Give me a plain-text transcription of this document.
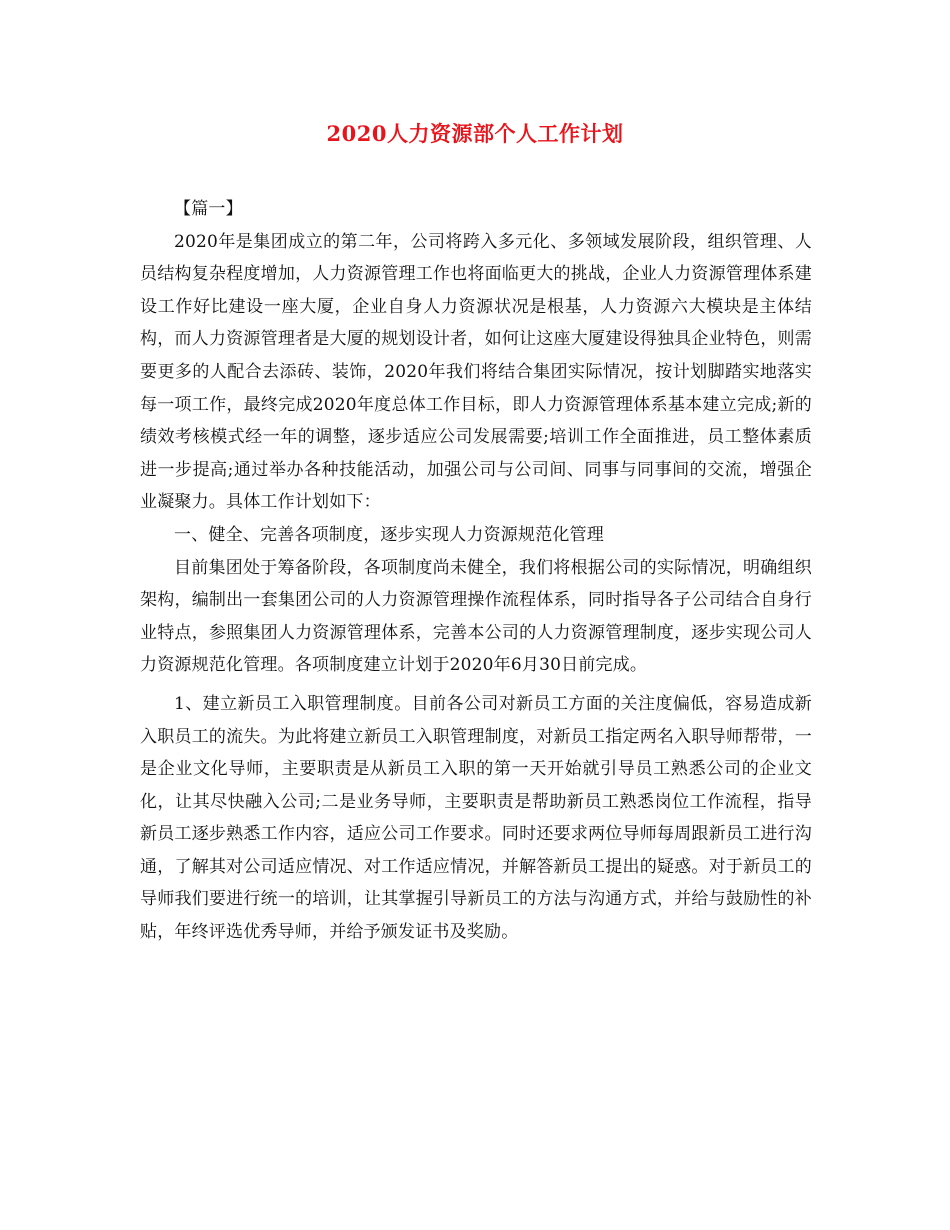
2020人力资源部个人工作计划

【篇一】

2020年是集团成立的第二年，公司将跨入多元化、多领域发展阶段，组织管理、人员结构复杂程度增加，人力资源管理工作也将面临更大的挑战，企业人力资源管理体系建设工作好比建设一座大厦，企业自身人力资源状况是根基，人力资源六大模块是主体结构，而人力资源管理者是大厦的规划设计者，如何让这座大厦建设得独具企业特色，则需要更多的人配合去添砖、装饰，2020年我们将结合集团实际情况，按计划脚踏实地落实每一项工作，最终完成2020年度总体工作目标，即人力资源管理体系基本建立完成;新的绩效考核模式经一年的调整，逐步适应公司发展需要;培训工作全面推进，员工整体素质进一步提高;通过举办各种技能活动，加强公司与公司间、同事与同事间的交流，增强企业凝聚力。具体工作计划如下：

一、健全、完善各项制度，逐步实现人力资源规范化管理

目前集团处于筹备阶段，各项制度尚未健全，我们将根据公司的实际情况，明确组织架构，编制出一套集团公司的人力资源管理操作流程体系，同时指导各子公司结合自身行业特点，参照集团人力资源管理体系，完善本公司的人力资源管理制度，逐步实现公司人力资源规范化管理。各项制度建立计划于2020年6月30日前完成。

1、建立新员工入职管理制度。目前各公司对新员工方面的关注度偏低，容易造成新入职员工的流失。为此将建立新员工入职管理制度，对新员工指定两名入职导师帮带，一是企业文化导师，主要职责是从新员工入职的第一天开始就引导员工熟悉公司的企业文化，让其尽快融入公司;二是业务导师，主要职责是帮助新员工熟悉岗位工作流程，指导新员工逐步熟悉工作内容，适应公司工作要求。同时还要求两位导师每周跟新员工进行沟通，了解其对公司适应情况、对工作适应情况，并解答新员工提出的疑惑。对于新员工的导师我们要进行统一的培训，让其掌握引导新员工的方法与沟通方式，并给与鼓励性的补贴，年终评选优秀导师，并给予颁发证书及奖励。
